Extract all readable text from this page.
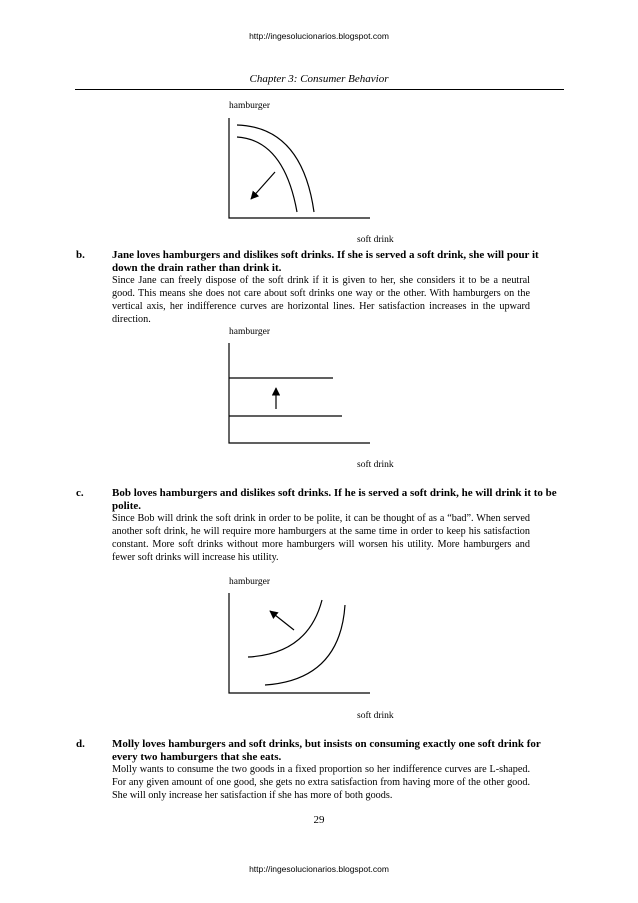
http://ingesolucionarios.blogspot.com
Chapter 3: Consumer Behavior
hamburger
soft drink
b. Jane loves hamburgers and dislikes soft drinks. If she is served a soft drink, she will pour it down the drain rather than drink it.
Since Jane can freely dispose of the soft drink if it is given to her, she considers it to be a neutral good. This means she does not care about soft drinks one way or the other. With hamburgers on the vertical axis, her indifference curves are horizontal lines. Her satisfaction increases in the upward direction.
hamburger
soft drink
c.	Bob loves hamburgers and dislikes soft drinks. If he is served a soft drink, he will drink it to be polite.
Since Bob will drink the soft drink in order to be polite, it can be thought of as a “bad”. When served another soft drink, he will require more hamburgers at the same time in order to keep his satisfaction constant. More soft drinks without more hamburgers will worsen his utility. More hamburgers and fewer soft drinks will increase his utility.
hamburger
soft drink
d. Molly loves hamburgers and soft drinks, but insists on consuming exactly one soft drink for every two hamburgers that she eats.
Molly wants to consume the two goods in a fixed proportion so her indifference curves are L-shaped. For any given amount of one good, she gets no extra satisfaction from having more of the other good. She will only increase her satisfaction if she has more of both goods.
29
http://ingesolucionarios.blogspot.com
